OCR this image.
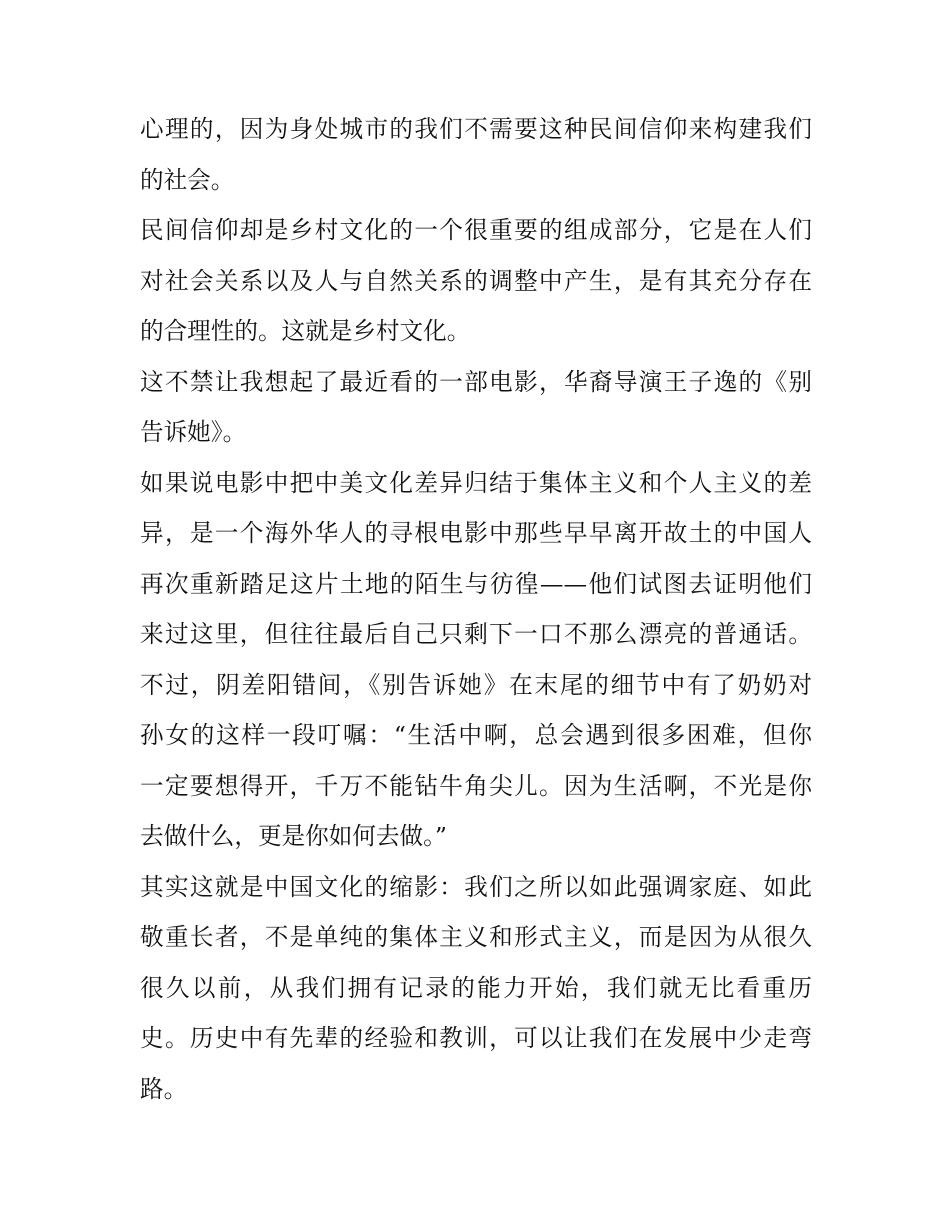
心理的，因为身处城市的我们不需要这种民间信仰来构建我们
的社会。
民间信仰却是乡村文化的一个很重要的组成部分，它是在人们
对社会关系以及人与自然关系的调整中产生，是有其充分存在
的合理性的。这就是乡村文化。
这不禁让我想起了最近看的一部电影，华裔导演王子逸的《别
告诉她》。
如果说电影中把中美文化差异归结于集体主义和个人主义的差
异，是一个海外华人的寻根电影中那些早早离开故土的中国人
再次重新踏足这片土地的陌生与彷徨——他们试图去证明他们
来过这里，但往往最后自己只剩下一口不那么漂亮的普通话。
不过，阴差阳错间，《别告诉她》在末尾的细节中有了奶奶对
孙女的这样一段叮嘱：“生活中啊，总会遇到很多困难，但你
一定要想得开，千万不能钻牛角尖儿。因为生活啊，不光是你
去做什么，更是你如何去做。”
其实这就是中国文化的缩影：我们之所以如此强调家庭、如此
敬重长者，不是单纯的集体主义和形式主义，而是因为从很久
很久以前，从我们拥有记录的能力开始，我们就无比看重历
史。历史中有先辈的经验和教训，可以让我们在发展中少走弯
路。
